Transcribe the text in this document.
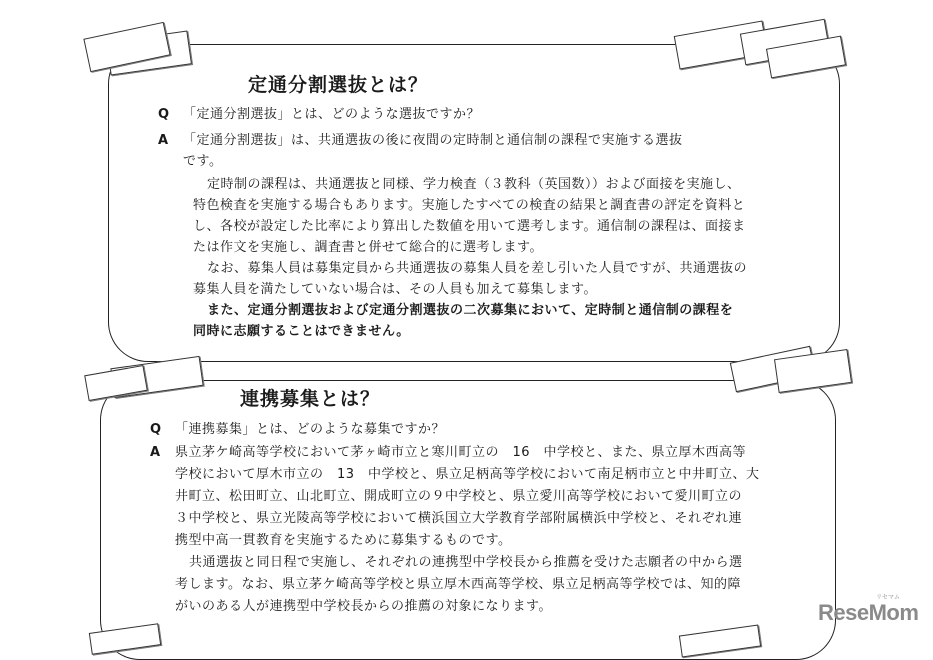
定通分割選抜とは？
Q 「定通分割選抜」とは、どのような選抜ですか？
A 「定通分割選抜」は、共通選抜の後に夜間の定時制と通信制の課程で実施する選抜
です。
定時制の課程は、共通選抜と同様、学力検査（３教科（英国数））および面接を実施し、
特色検査を実施する場合もあります。実施したすべての検査の結果と調査書の評定を資料と
し、各校が設定した比率により算出した数値を用いて選考します。通信制の課程は、面接ま
たは作文を実施し、調査書と併せて総合的に選考します。
なお、募集人員は募集定員から共通選抜の募集人員を差し引いた人員ですが、共通選抜の
募集人員を満たしていない場合は、その人員も加えて募集します。
また、定通分割選抜および定通分割選抜の二次募集において、定時制と通信制の課程を
同時に志願することはできません。
連携募集とは？
Q 「連携募集」とは、どのような募集ですか？
A 県立茅ケ崎高等学校において茅ヶ崎市立と寒川町立の　16　中学校と、また、県立厚木西高等
学校において厚木市立の　13　中学校と、県立足柄高等学校において南足柄市立と中井町立、大
井町立、松田町立、山北町立、開成町立の９中学校と、県立愛川高等学校において愛川町立の
３中学校と、県立光陵高等学校において横浜国立大学教育学部附属横浜中学校と、それぞれ連
携型中高一貫教育を実施するために募集するものです。
共通選抜と同日程で実施し、それぞれの連携型中学校長から推薦を受けた志願者の中から選
考します。なお、県立茅ケ崎高等学校と県立厚木西高等学校、県立足柄高等学校では、知的障
がいのある人が連携型中学校長からの推薦の対象になります。
リセマム
ReseMom
